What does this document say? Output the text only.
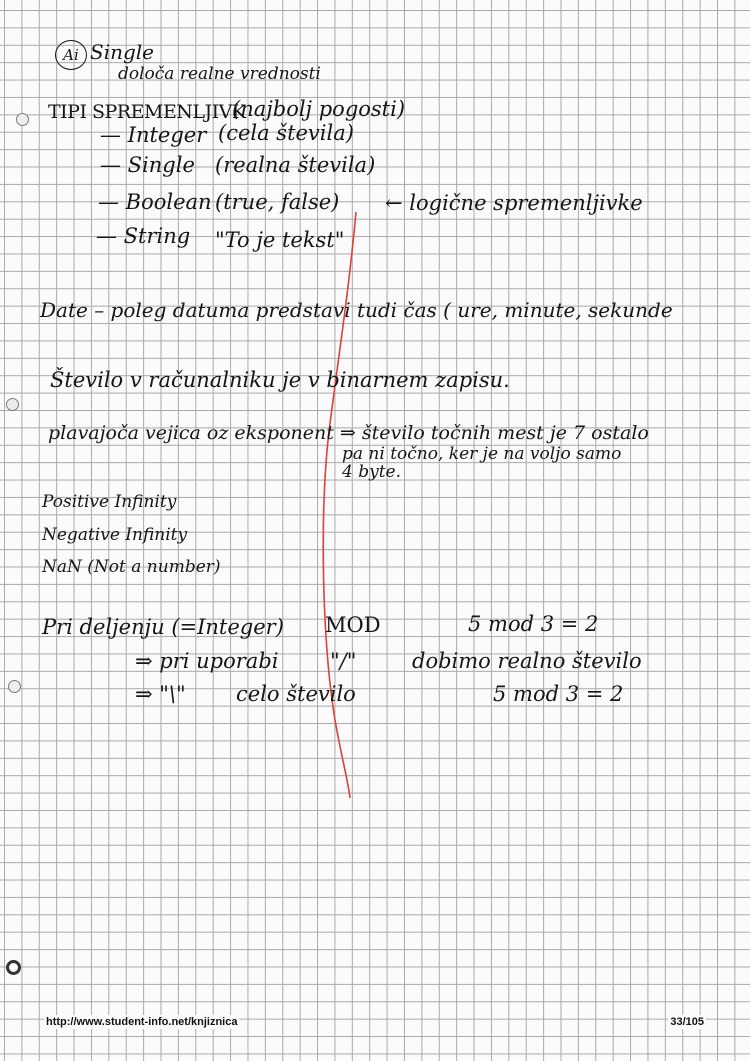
Ai Single

določa realne vrednosti

TIPI SPREMENLJIVK

(najbolj pogosti)

— Integer (cela števila)

— Single (realna števila)

— Boolean (true, false) ← logične spremenljivke

— String "To je tekst"

Date – poleg datuma predstavi tudi čas ( ure, minute, sekunde

Število v računalniku je v binarnem zapisu.

plavajoča vejica oz eksponent ⇒ število točnih mest je 7 ostalo

pa ni točno, ker je na voljo samo

4 byte.

Positive Infinity

Negative Infinity

NaN (Not a number)

Pri deljenju (=Integer) MOD	5 mod 3 = 2

⇒ pri uporabi "/"	dobimo realno število

⇒ "\" celo število	5 mod 3 = 2

http://www.student-info.net/knjiznica	33/105
